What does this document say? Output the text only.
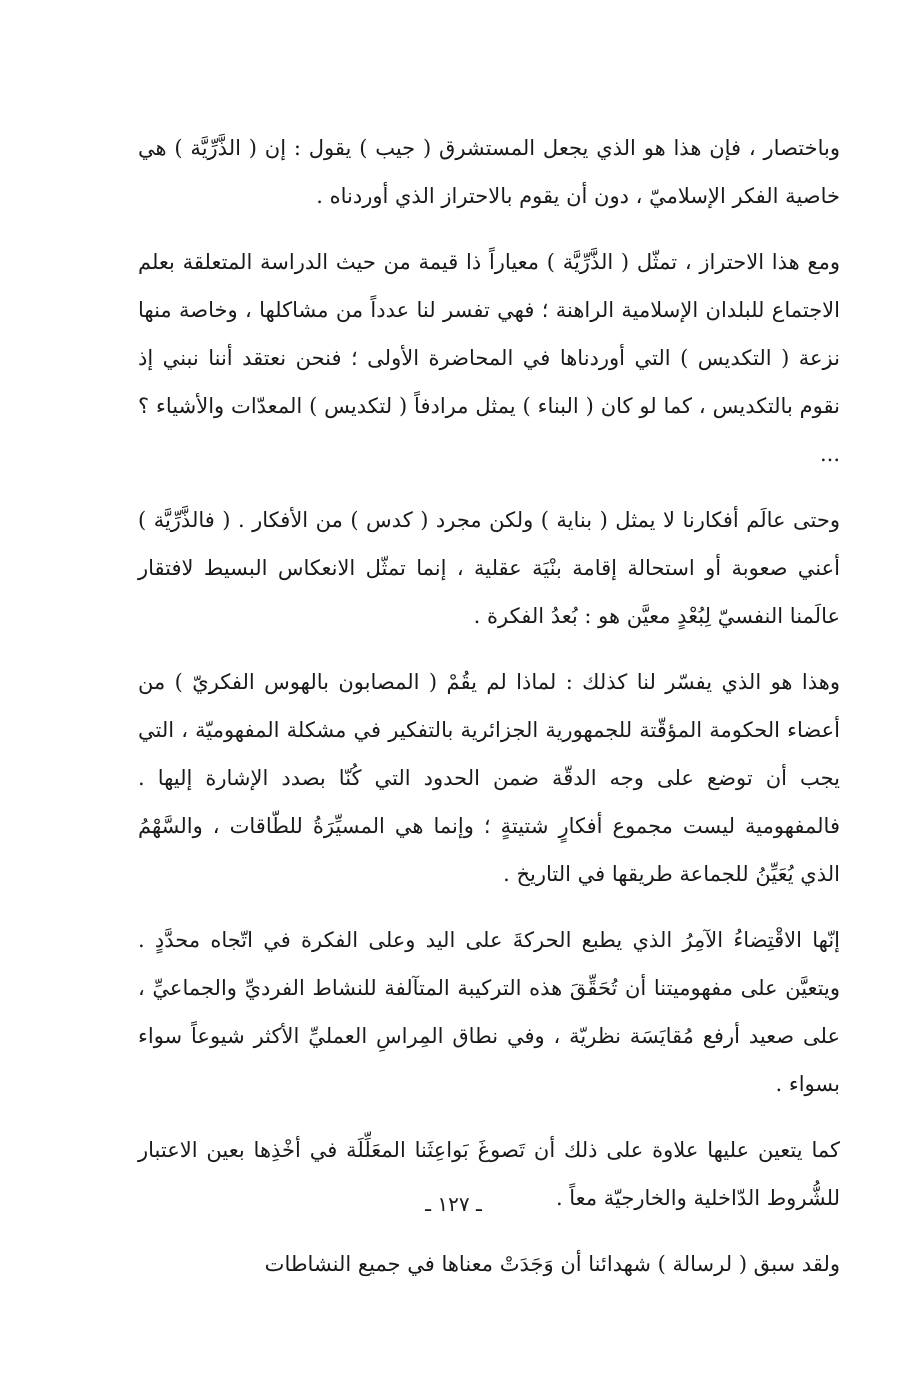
وباختصار ، فإن هذا هو الذي يجعل المستشرق ( جيب ) يقول : إن ( الذَّرِّيَّة ) هي خاصية الفكر الإسلاميّ ، دون أن يقوم بالاحتراز الذي أوردناه .

ومع هذا الاحتراز ، تمثّل ( الذَّرِّيَّة ) معياراً ذا قيمة من حيث الدراسة المتعلقة بعلم الاجتماع للبلدان الإسلامية الراهنة ؛ فهي تفسر لنا عدداً من مشاكلها ، وخاصة منها نزعة ( التكديس ) التي أوردناها في المحاضرة الأولى ؛ فنحن نعتقد أننا نبني إذ نقوم بالتكديس ، كما لو كان ( البناء ) يمثل مرادفاً ( لتكديس ) المعدّات والأشياء ؟ ...

وحتى عالَم أفكارنا لا يمثل ( بناية ) ولكن مجرد ( كدس ) من الأفكار . ( فالذَّرِّيَّة ) أعني صعوبة أو استحالة إقامة بنْيَة عقلية ، إنما تمثّل الانعكاس البسيط لافتقار عالَمنا النفسيّ لِبُعْدٍ معيَّن هو : بُعدُ الفكرة .

وهذا هو الذي يفسّر لنا كذلك : لماذا لم يقُمْ ( المصابون بالهوس الفكريّ ) من أعضاء الحكومة المؤقّتة للجمهورية الجزائرية بالتفكير في مشكلة المفهوميّة ، التي يجب أن توضع على وجه الدقّة ضمن الحدود التي كُنّا بصدد الإشارة إليها . فالمفهومية ليست مجموع أفكارٍ شتيتةٍ ؛ وإنما هي المسيِّرَةُ للطّاقات ، والسَّهْمُ الذي يُعَيِّنُ للجماعة طريقها في التاريخ .

إنّها الاقْتِضاءُ الآمِرُ الذي يطبع الحركةَ على اليد وعلى الفكرة في اتّجاه محدَّدٍ . ويتعيَّن على مفهوميتنا أن تُحَقِّقَ هذه التركيبة المتآلفة للنشاط الفرديِّ والجماعيِّ ، على صعيد أرفع مُقايَسَة نظريّة ، وفي نطاق المِراسِ العمليِّ الأكثر شيوعاً سواء بسواء .

كما يتعين عليها علاوة على ذلك أن تَصوغَ بَواعِثَنا المعَلِّلَة في أخْذِها بعين الاعتبار للشُّروط الدّاخلية والخارجيّة معاً .

ولقد سبق ( لرسالة ) شهدائنا أن وَجَدَتْ معناها في جميع النشاطات

ـ ١٢٧ ـ
